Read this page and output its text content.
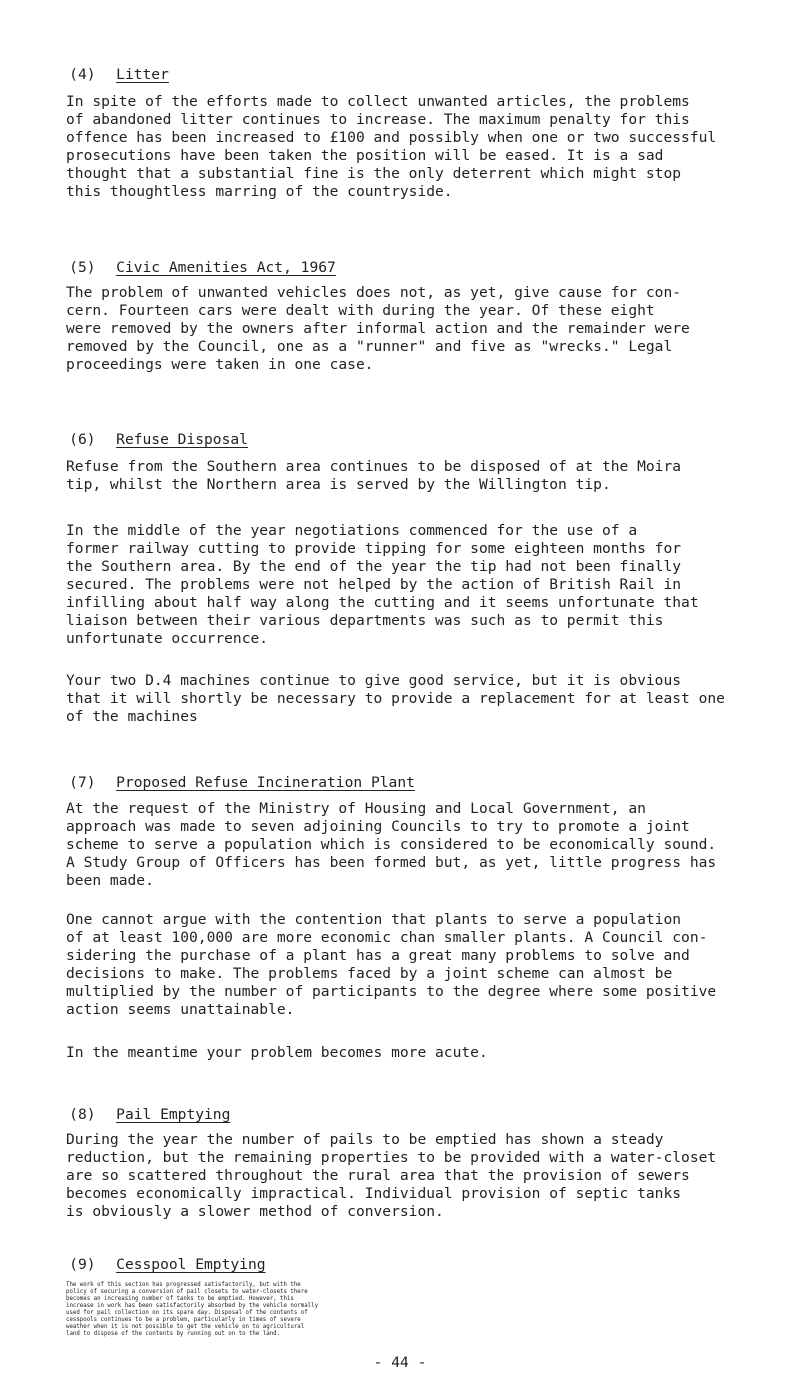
(4) Litter

In spite of the efforts made to collect unwanted articles, the problems
of abandoned litter continues to increase. The maximum penalty for this
offence has been increased to £100 and possibly when one or two successful
prosecutions have been taken the position will be eased. It is a sad
thought that a substantial fine is the only deterrent which might stop
this thoughtless marring of the countryside.

(5) Civic Amenities Act, 1967

The problem of unwanted vehicles does not, as yet, give cause for con-
cern. Fourteen cars were dealt with during the year. Of these eight
were removed by the owners after informal action and the remainder were
removed by the Council, one as a "runner" and five as "wrecks." Legal
proceedings were taken in one case.

(6) Refuse Disposal

Refuse from the Southern area continues to be disposed of at the Moira
tip, whilst the Northern area is served by the Willington tip.

In the middle of the year negotiations commenced for the use of a
former railway cutting to provide tipping for some eighteen months for
the Southern area. By the end of the year the tip had not been finally
secured. The problems were not helped by the action of British Rail in
infilling about half way along the cutting and it seems unfortunate that
liaison between their various departments was such as to permit this
unfortunate occurrence.

Your two D.4 machines continue to give good service, but it is obvious
that it will shortly be necessary to provide a replacement for at least one
of the machines

(7) Proposed Refuse Incineration Plant

At the request of the Ministry of Housing and Local Government, an
approach was made to seven adjoining Councils to try to promote a joint
scheme to serve a population which is considered to be economically sound.
A Study Group of Officers has been formed but, as yet, little progress has
been made.

One cannot argue with the contention that plants to serve a population
of at least 100,000 are more economic chan smaller plants. A Council con-
sidering the purchase of a plant has a great many problems to solve and
decisions to make. The problems faced by a joint scheme can almost be
multiplied by the number of participants to the degree where some positive
action seems unattainable.

In the meantime your problem becomes more acute.

(8) Pail Emptying

During the year the number of pails to be emptied has shown a steady
reduction, but the remaining properties to be provided with a water-closet
are so scattered throughout the rural area that the provision of sewers
becomes economically impractical. Individual provision of septic tanks
is obviously a slower method of conversion.

(9) Cesspool Emptying

The work of this section has progressed satisfactorily, but with the
policy of securing a conversion of pail closets to water-closets there
becomes an increasing number of tanks to be emptied. However, this
increase in work has been satisfactorily absorbed by the vehicle normally
used for pail collection on its spare day. Disposal of the contents of
cesspools continues to be a problem, particularly in times of severe
weather when it is not possible to get the vehicle on to agricultural
land to dispose of the contents by running out on to the land.

- 44 -
